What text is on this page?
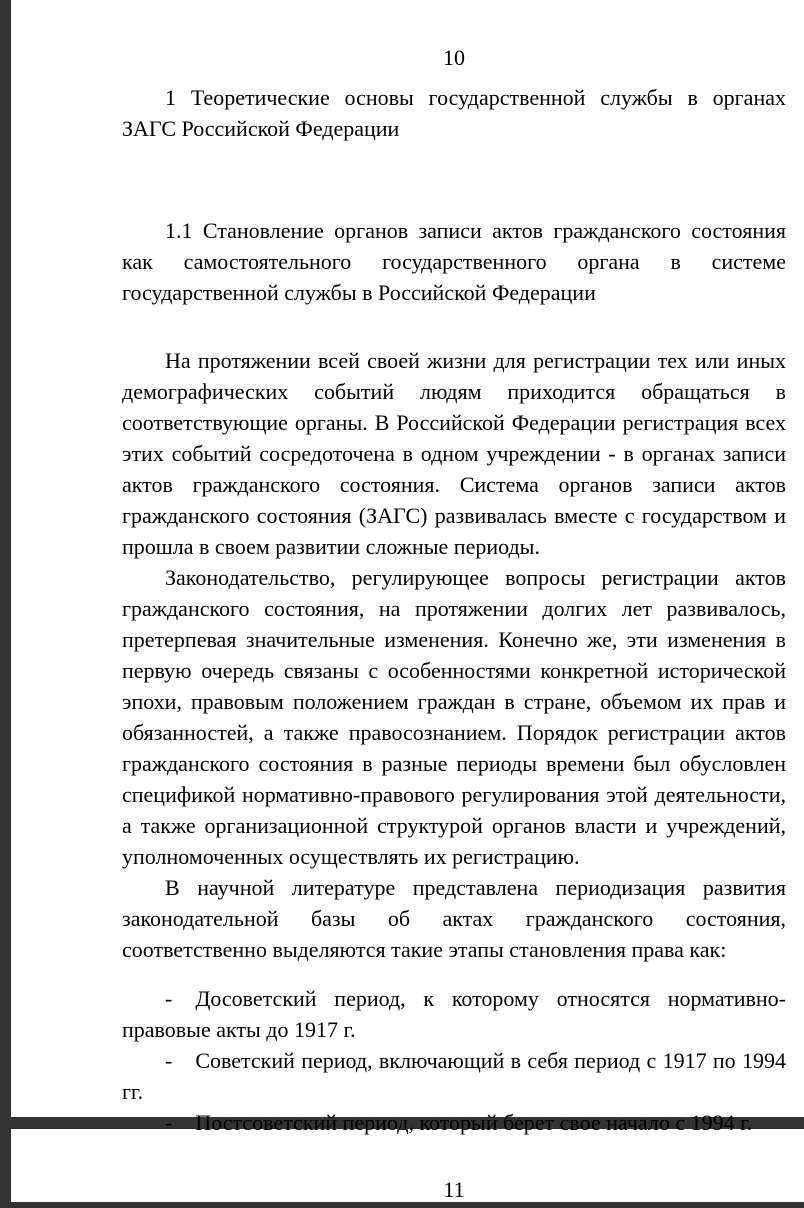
10

1 Теоретические основы государственной службы в органах ЗАГС Российской Федерации

1.1 Становление органов записи актов гражданского состояния как самостоятельного государственного органа в системе государственной службы в Российской Федерации

На протяжении всей своей жизни для регистрации тех или иных демографических событий людям приходится обращаться в соответствующие органы. В Российской Федерации регистрация всех этих событий сосредоточена в одном учреждении - в органах записи актов гражданского состояния. Система органов записи актов гражданского состояния (ЗАГС) развивалась вместе с государством и прошла в своем развитии сложные периоды.

Законодательство, регулирующее вопросы регистрации актов гражданского состояния, на протяжении долгих лет развивалось, претерпевая значительные изменения. Конечно же, эти изменения в первую очередь связаны с особенностями конкретной исторической эпохи, правовым положением граждан в стране, объемом их прав и обязанностей, а также правосознанием. Порядок регистрации актов гражданского состояния в разные периоды времени был обусловлен спецификой нормативно-правового регулирования этой деятельности, а также организационной структурой органов власти и учреждений, уполномоченных осуществлять их регистрацию.

В научной литературе представлена периодизация развития законодательной базы об актах гражданского состояния, соответственно выделяются такие этапы становления права как:

- Досоветский период, к которому относятся нормативно-правовые акты до 1917 г.

- Советский период, включающий в себя период с 1917 по 1994 гг.

- Постсоветский период, который берет свое начало с 1994 г.

11
